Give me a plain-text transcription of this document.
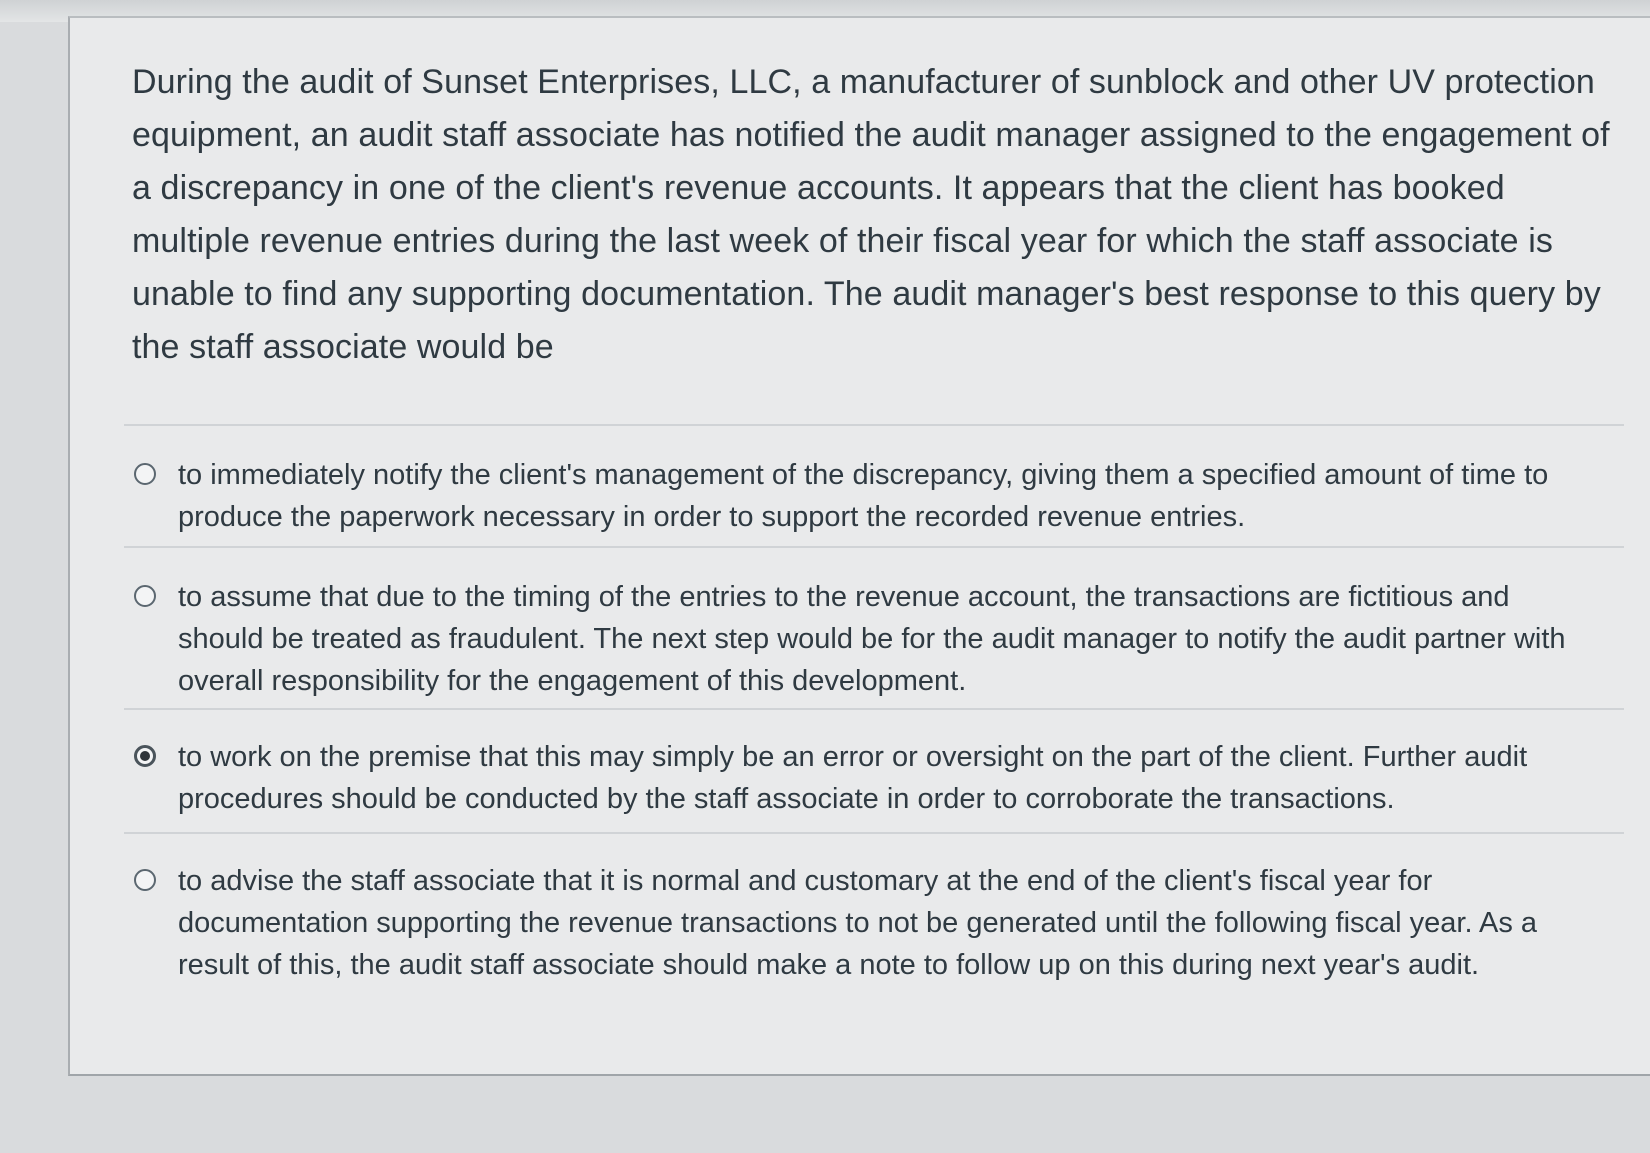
During the audit of Sunset Enterprises, LLC, a manufacturer of sunblock and other UV protection equipment, an audit staff associate has notified the audit manager assigned to the engagement of a discrepancy in one of the client's revenue accounts. It appears that the client has booked multiple revenue entries during the last week of their fiscal year for which the staff associate is unable to find any supporting documentation. The audit manager's best response to this query by the staff associate would be

to immediately notify the client's management of the discrepancy, giving them a specified amount of time to produce the paperwork necessary in order to support the recorded revenue entries.
to assume that due to the timing of the entries to the revenue account, the transactions are fictitious and should be treated as fraudulent. The next step would be for the audit manager to notify the audit partner with overall responsibility for the engagement of this development.
to work on the premise that this may simply be an error or oversight on the part of the client. Further audit procedures should be conducted by the staff associate in order to corroborate the transactions.
to advise the staff associate that it is normal and customary at the end of the client's fiscal year for documentation supporting the revenue transactions to not be generated until the following fiscal year. As a result of this, the audit staff associate should make a note to follow up on this during next year's audit.
